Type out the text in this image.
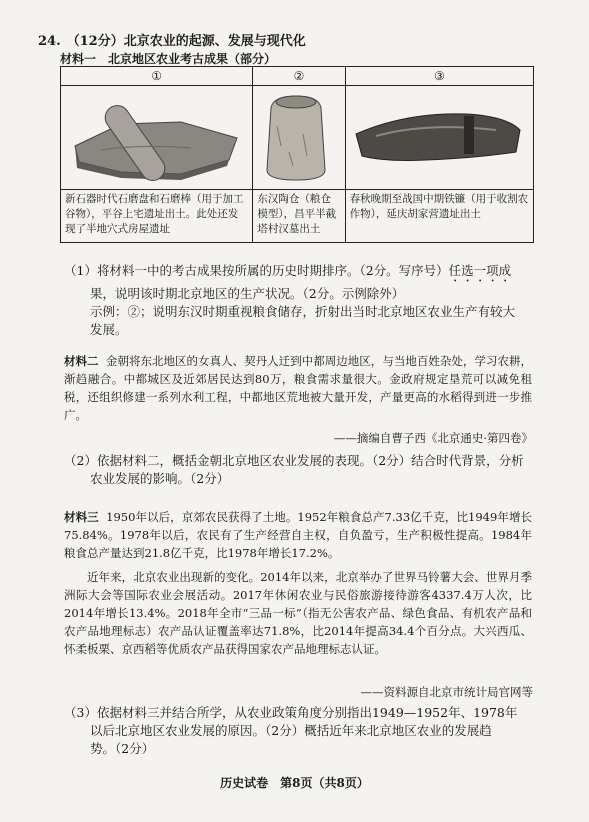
24. （12分）北京农业的起源、发展与现代化
材料一　北京地区农业考古成果（部分）
①	②	③

新石器时代石磨盘和石磨棒（用于加工谷物），平谷上宅遗址出土。此处还发现了半地穴式房屋遗址	东汉陶仓（粮仓模型），昌平半截塔村汉墓出土	春秋晚期至战国中期铁镰（用于收割农作物），延庆胡家营遗址出土
（1）将材料一中的考古成果按所属的历史时期排序。（2分。写序号）任选一项成
果，说明该时期北京地区的生产状况。（2分。示例除外）
示例：②；说明东汉时期重视粮食储存，折射出当时北京地区农业生产有较大
发展。
材料二 金朝将东北地区的女真人、契丹人迁到中都周边地区，与当地百姓杂处，学习农耕，渐趋融合。中都城区及近郊居民达到80万，粮食需求量很大。金政府规定垦荒可以减免租税，还组织修建一系列水利工程，中都地区荒地被大量开发，产量更高的水稻得到进一步推广。
——摘编自曹子西《北京通史·第四卷》
（2）依据材料二，概括金朝北京地区农业发展的表现。（2分）结合时代背景，分析
农业发展的影响。（2分）
材料三 1950年以后，京郊农民获得了土地。1952年粮食总产7.33亿千克，比1949年增长75.84%。1978年以后，农民有了生产经营自主权，自负盈亏，生产积极性提高。1984年粮食总产量达到21.8亿千克，比1978年增长17.2%。
近年来，北京农业出现新的变化。2014年以来，北京举办了世界马铃薯大会、世界月季洲际大会等国际农业会展活动。2017年休闲农业与民俗旅游接待游客4337.4万人次，比2014年增长13.4%。2018年全市“三品一标”（指无公害农产品、绿色食品、有机农产品和农产品地理标志）农产品认证覆盖率达71.8%，比2014年提高34.4个百分点。大兴西瓜、怀柔板栗、京西稻等优质农产品获得国家农产品地理标志认证。
——资料源自北京市统计局官网等
（3）依据材料三并结合所学，从农业政策角度分别指出1949—1952年、1978年
以后北京地区农业发展的原因。（2分）概括近年来北京地区农业的发展趋
势。（2分）
历史试卷　第8页（共8页）
